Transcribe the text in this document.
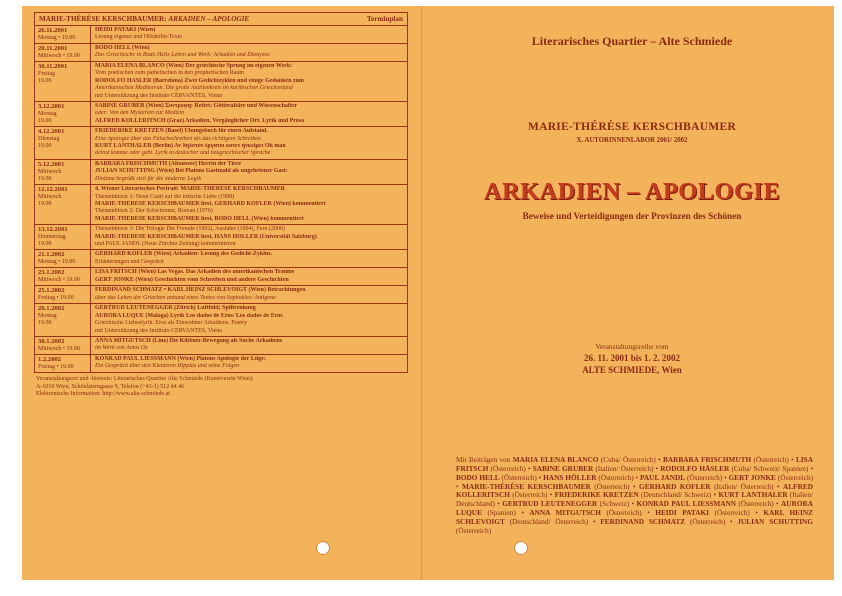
MARIE-THÉRÈSE KERSCHBAUMER: ARKADIEN – APOLOGIE	Terminplan
26.11.2001
Montag • 19.00
HEIDI PATAKI (Wien)
Lesung eigener und Hölderlin-Texte
28.11.2001
Mittwoch • 19.00
BODO HELL (Wien)
Das Griechische in Bodo Hells Leben und Werk: Arkadien und Dionysos
30.11.2001
Freitag
19.00
MARIA ELENA BLANCO (Wien) Der griechische Sprung im eigenen Werk:
Vom poetischen zum pathetischen in den prophetischen Raum
RODOLFO HÄSLER (Barcelona) Zwei Gedichtzyklen und einige Gedanken zum
Amerikanischen Mediterran. Die große Antillenkreis im karibischen Griechenland
mit Unterstützung des Instituto CERVANTES, Viena
3.12.2001
Montag
19.00
SABINE GRUBER (Wien) Συντροφη: Rettet: Götteraltäre und Wissenschafter
oder: Von den Mysterien zur Medizin
ALFRED KOLLERITSCH (Graz) Arkadien, Vergänglicher Ort. Lyrik und Prosa
4.12.2001
Dienstag
19.00
FRIEDERIKE KRETZEN (Basel) Übungsbuch für einen Aufstand.
Eine Apologie über das Falschschreiben als das richtigere Schreiben
KURT LANTHALER (Berlin) Av δηλοτόν ἐργατοι κονετ ἠνκεῖμει Oh man
deinst komme oder geht. Lyrik in deutscher und neugriechischer Sprache
5.12.2001
Mittwoch
19.00
BARBARA FRISCHMUTH (Altaussee) Herrin der Tiere
JULIAN SCHUTTING (Wien) Bei Platons Gastmahl als ungebetener Gast:
Diotima begrüßt sich für die moderne Logik
12.12.2001
Mittwoch
19.00
4. Wiener Literarisches Portrait: MARIE-THÉRÈSE KERSCHBAUMER
Themenblock 1: Neun Canti auf die irdische Liebe (1988)
MARIE-THÉRÈSE KERSCHBAUMER liest, GERHARD KOFLER (Wien) kommentiert
Themenblock 2: Der Schwimmer, Roman (1976)
MARIE-THÉRÈSE KERSCHBAUMER liest, BODO HELL (Wien) kommentiert
13.12.2001
Donnerstag
19.00
Themenblock 3: Die Trilogie Die Fremde (1992), Ausfahrt (1994), Fern (2000)
MARIE-THÉRÈSE KERSCHBAUMER liest, HANS HÖLLER (Universität Salzburg)
und PAUL JANDL (Neue Zürcher Zeitung) kommentieren
21.1.2002
Montag • 19.00
GERHARD KOFLER (Wien) Arkadien: Lesung des Gedicht-Zyklus.
Erläuterungen und Gespräch
23.1.2002
Mittwoch • 19.00
LISA FRITSCH (Wien) Las Vegas. Das Arkadien des amerikanischen Traums
GERT JONKE (Wien) Geschichten vom Schreiben und andere Geschichten
25.1.2002
Freitag • 19.00
FERDINAND SCHMATZ • KARL HEINZ SCHLEVOIGT (Wien) Betrachtungen
über das Leben der Griechen anhand eines Textes von Sophokles: Antigone
28.1.2002
Montag
19.00
GERTRUD LEUTENEGGER (Zürich) Luftbild; Spiltrenkung
AURORA LUQUE (Malaga) Lyrik Los dados de Eros/ Los dados de Eros
Griechische Liebeslyrik. Eros als Einwohner Arkadiens. Poetry
mit Unterstützung des Instituto CERVANTES, Viena
30.1.2002
Mittwoch • 19.00
ANNA MITGUTSCH (Linz) Die Kibbutz-Bewegung als Suche Arkadiens
im Werk von Amos Oz
1.2.2002
Freitag • 19.00
KONRAD PAUL LIESSMANN (Wien) Platons Apologie der Lüge:
Ein Gespräch über den Kleineren Hippias und seine Folgen
Veranstaltungsort und -hinweis: Literarisches Quartier Alte Schmiede (Kunstverein Wien):
A-1010 Wien, Schönlaterngasse 9, Telefon (+43-1) 512 44 46
Elektronische Information: http://www.alte-schmiede.at
Literarisches Quartier – Alte Schmiede
MARIE-THÉRÈSE KERSCHBAUMER
X. AUTORINNENLABOR 2001/ 2002
ARKADIEN – APOLOGIE
Beweise und Verteidigungen der Provinzen des Schönen
Veranstaltungsreihe vom
26. 11. 2001 bis 1. 2. 2002
ALTE SCHMIEDE, Wien
Mit Beiträgen von MARIA ELENA BLANCO (Cuba/ Österreich) • BARBARA FRISCHMUTH (Österreich) • LISA FRITSCH (Österreich) • SABINE GRUBER (Italien/ Österreich) • RODOLFO HÄSLER (Cuba/ Schweiz/ Spanien) • BODO HELL (Österreich) • HANS HÖLLER (Österreich) • PAUL JANDL (Österreich) • GERT JONKE (Österreich) • MARIE-THÉRÈSE KERSCHBAUMER (Österreich) • GERHARD KOFLER (Italien/ Österreich) • ALFRED KOLLERITSCH (Österreich) • FRIEDERIKE KRETZEN (Deutschland/ Schweiz) • KURT LANTHALER (Italien/ Deutschland) • GERTRUD LEUTENEGGER (Schweiz) • KONRAD PAUL LIESSMANN (Österreich) • AURORA LUQUE (Spanien) • ANNA MITGUTSCH (Österreich) • HEIDI PATAKI (Österreich) • KARL HEINZ SCHLEVOIGT (Deutschland/ Österreich) • FERDINAND SCHMATZ (Österreich) • JULIAN SCHUTTING (Österreich)
